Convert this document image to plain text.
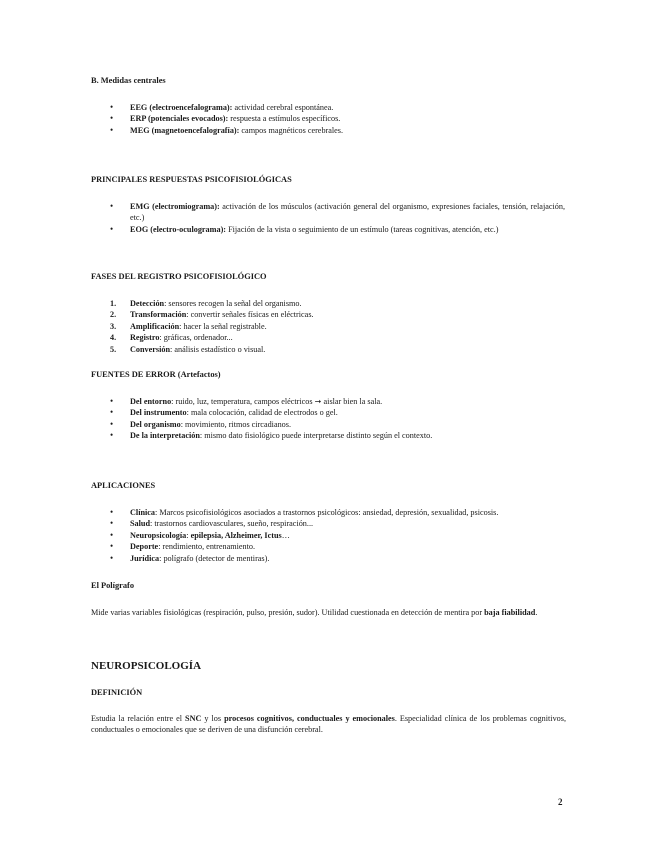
B. Medidas centrales

• EEG (electroencefalograma): actividad cerebral espontánea.
• ERP (potenciales evocados): respuesta a estímulos específicos.
• MEG (magnetoencefalografía): campos magnéticos cerebrales.

PRINCIPALES RESPUESTAS PSICOFISIOLÓGICAS

• EMG (electromiograma): activación de los músculos (activación general del organismo, expresiones faciales, tensión, relajación, etc.)
• EOG (electro-oculograma): Fijación de la vista o seguimiento de un estímulo (tareas cognitivas, atención, etc.)

FASES DEL REGISTRO PSICOFISIOLÓGICO

1. Detección: sensores recogen la señal del organismo.
2. Transformación: convertir señales físicas en eléctricas.
3. Amplificación: hacer la señal registrable.
4. Registro: gráficas, ordenador...
5. Conversión: análisis estadístico o visual.

FUENTES DE ERROR (Artefactos)

• Del entorno: ruido, luz, temperatura, campos eléctricos ➞ aislar bien la sala.
• Del instrumento: mala colocación, calidad de electrodos o gel.
• Del organismo: movimiento, ritmos circadianos.
• De la interpretación: mismo dato fisiológico puede interpretarse distinto según el contexto.

APLICACIONES

• Clínica: Marcos psicofisiológicos asociados a trastornos psicológicos: ansiedad, depresión, sexualidad, psicosis.
• Salud: trastornos cardiovasculares, sueño, respiración...
• Neuropsicología: epilepsia, Alzheimer, Ictus…
• Deporte: rendimiento, entrenamiento.
• Jurídica: polígrafo (detector de mentiras).

El Polígrafo

Mide varias variables fisiológicas (respiración, pulso, presión, sudor). Utilidad cuestionada en detección de mentira por baja fiabilidad.

NEUROPSICOLOGÍA

DEFINICIÓN

Estudia la relación entre el SNC y los procesos cognitivos, conductuales y emocionales. Especialidad clínica de los problemas cognitivos, conductuales o emocionales que se deriven de una disfunción cerebral.

2
